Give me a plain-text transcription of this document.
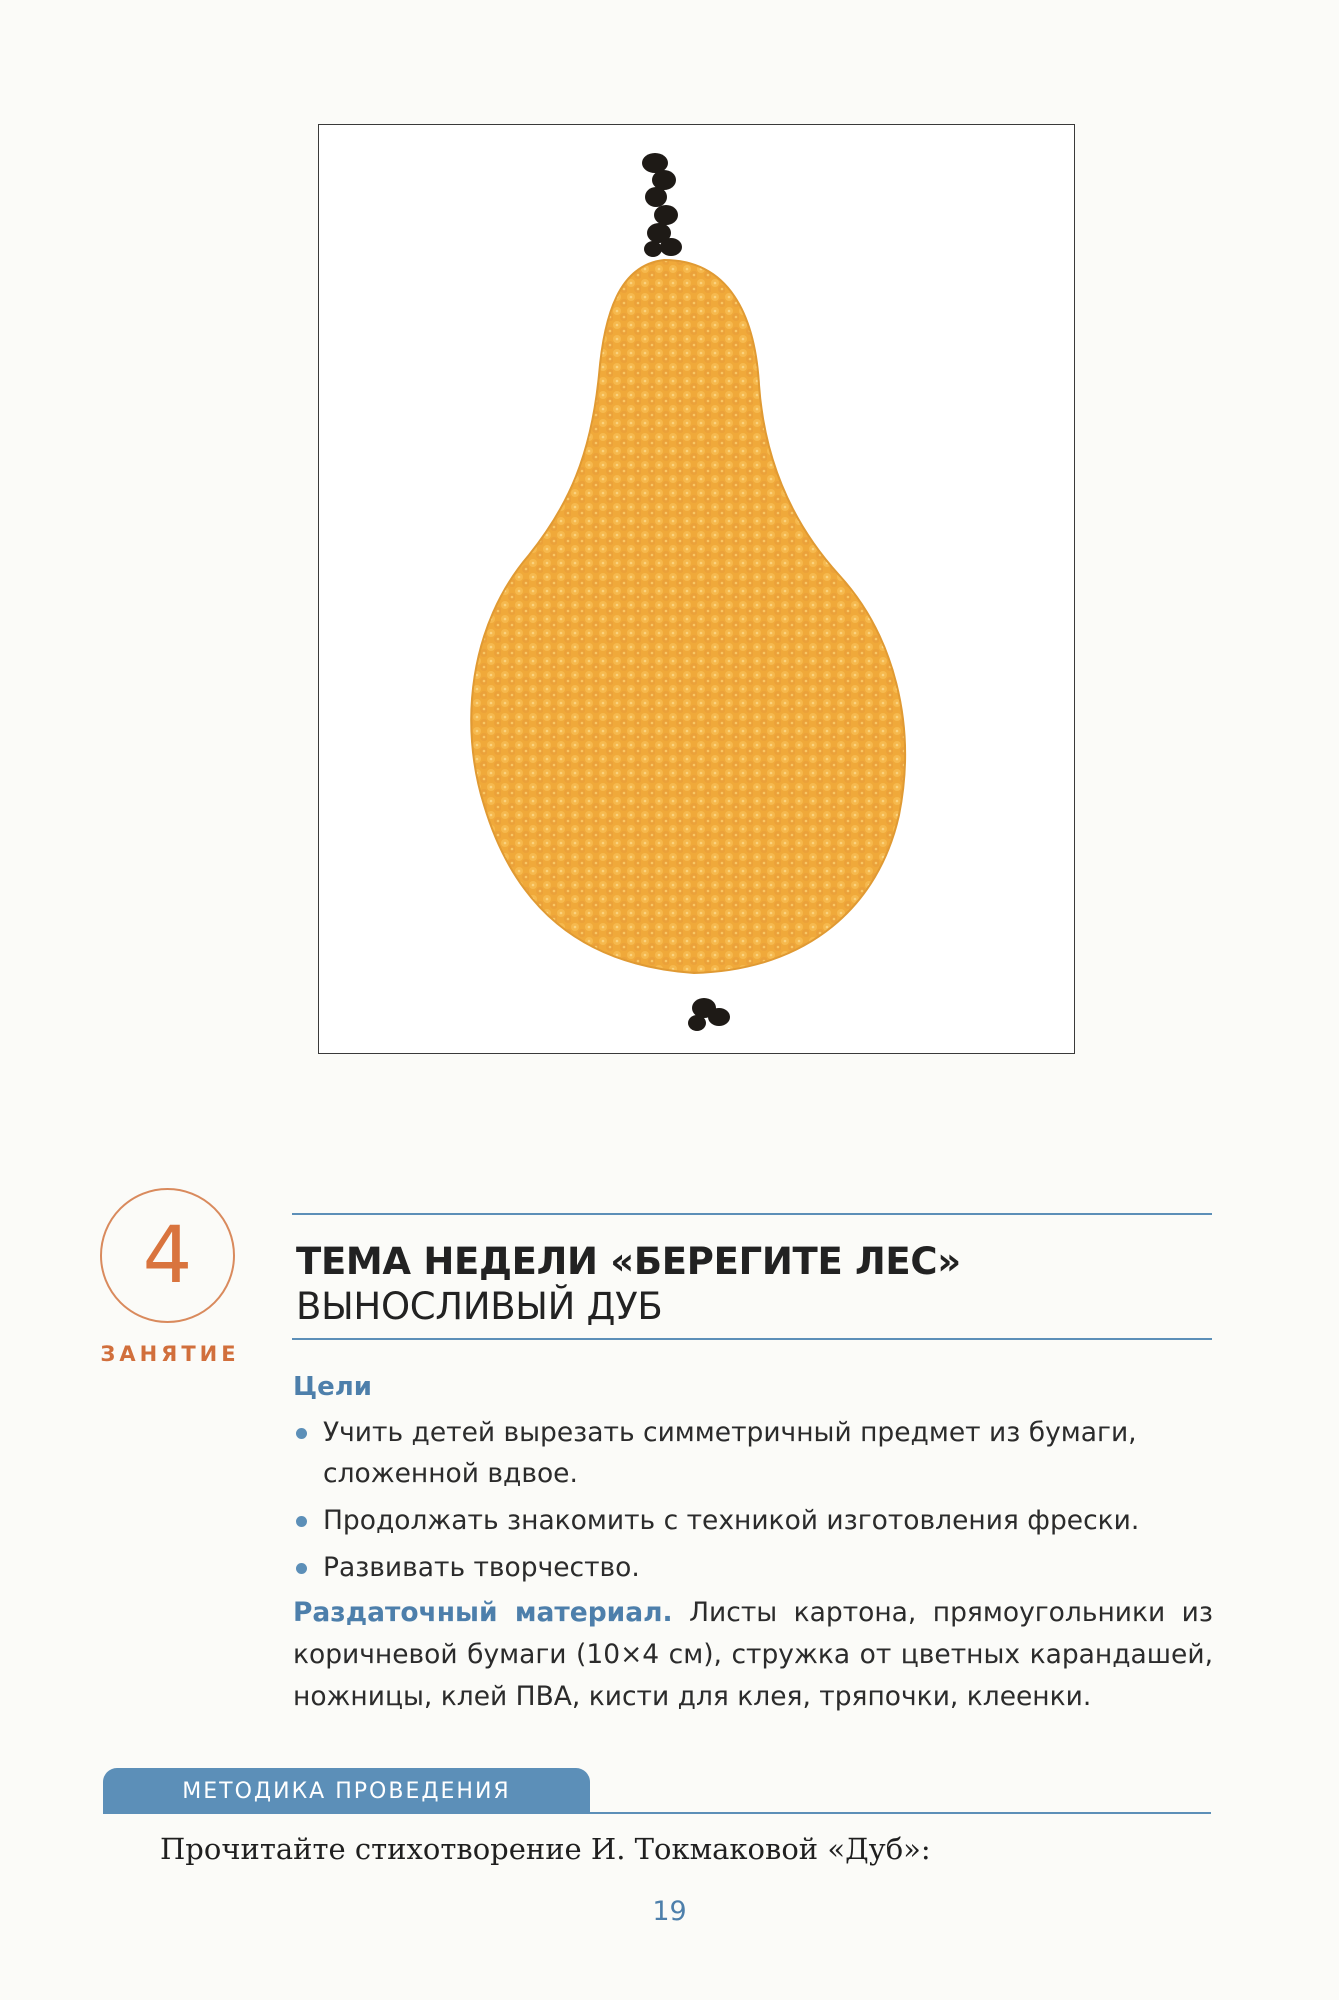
4
ЗАНЯТИЕ
ТЕМА НЕДЕЛИ «БЕРЕГИТЕ ЛЕС»
ВЫНОСЛИВЫЙ ДУБ
Цели
Учить детей вырезать симметричный предмет из бумаги, сложенной вдвое.
Продолжать знакомить с техникой изготовления фрески.
Развивать творчество.
Раздаточный материал. Листы картона, прямоугольники из коричневой бумаги (10×4 см), стружка от цветных карандашей, ножницы, клей ПВА, кисти для клея, тряпочки, клеенки.
МЕТОДИКА ПРОВЕДЕНИЯ
Прочитайте стихотворение И. Токмаковой «Дуб»:
19
